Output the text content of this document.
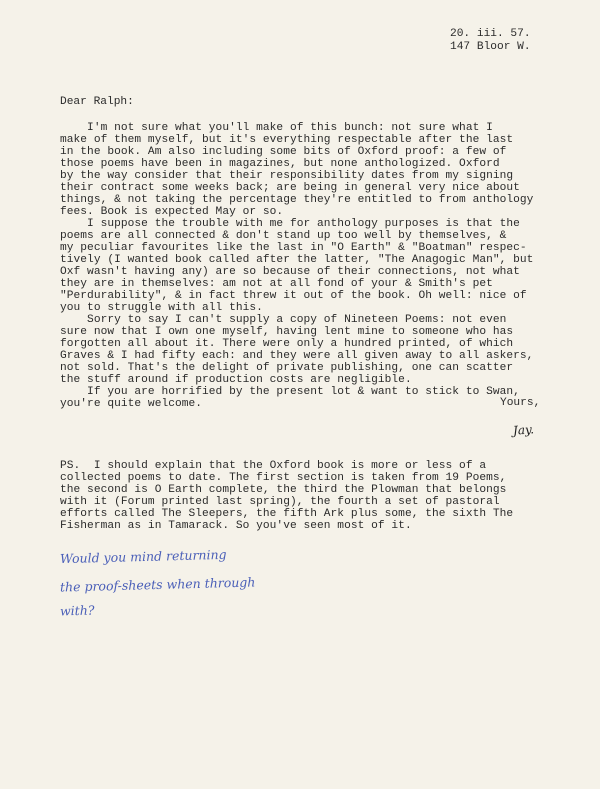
20. iii. 57.
147 Bloor W.
Dear Ralph:
I'm not sure what you'll make of this bunch: not sure what I
make of them myself, but it's everything respectable after the last
in the book. Am also including some bits of Oxford proof: a few of
those poems have been in magazines, but none anthologized. Oxford
by the way consider that their responsibility dates from my signing
their contract some weeks back; are being in general very nice about
things, & not taking the percentage they're entitled to from anthology
fees. Book is expected May or so.
I suppose the trouble with me for anthology purposes is that the
poems are all connected & don't stand up too well by themselves, &
my peculiar favourites like the last in "O Earth" & "Boatman" respec-
tively (I wanted book called after the latter, "The Anagogic Man", but
Oxf wasn't having any) are so because of their connections, not what
they are in themselves: am not at all fond of your & Smith's pet
"Perdurability", & in fact threw it out of the book. Oh well: nice of
you to struggle with all this.
Sorry to say I can't supply a copy of Nineteen Poems: not even
sure now that I own one myself, having lent mine to someone who has
forgotten all about it. There were only a hundred printed, of which
Graves & I had fifty each: and they were all given away to all askers,
not sold. That's the delight of private publishing, one can scatter
the stuff around if production costs are negligible.
If you are horrified by the present lot & want to stick to Swan,
you're quite welcome.	Yours,
Jay.
PS.  I should explain that the Oxford book is more or less of a
collected poems to date. The first section is taken from 19 Poems,
the second is O Earth complete, the third the Plowman that belongs
with it (Forum printed last spring), the fourth a set of pastoral
efforts called The Sleepers, the fifth Ark plus some, the sixth The
Fisherman as in Tamarack. So you've seen most of it.
Would you mind returning
the proof-sheets when through
with?
